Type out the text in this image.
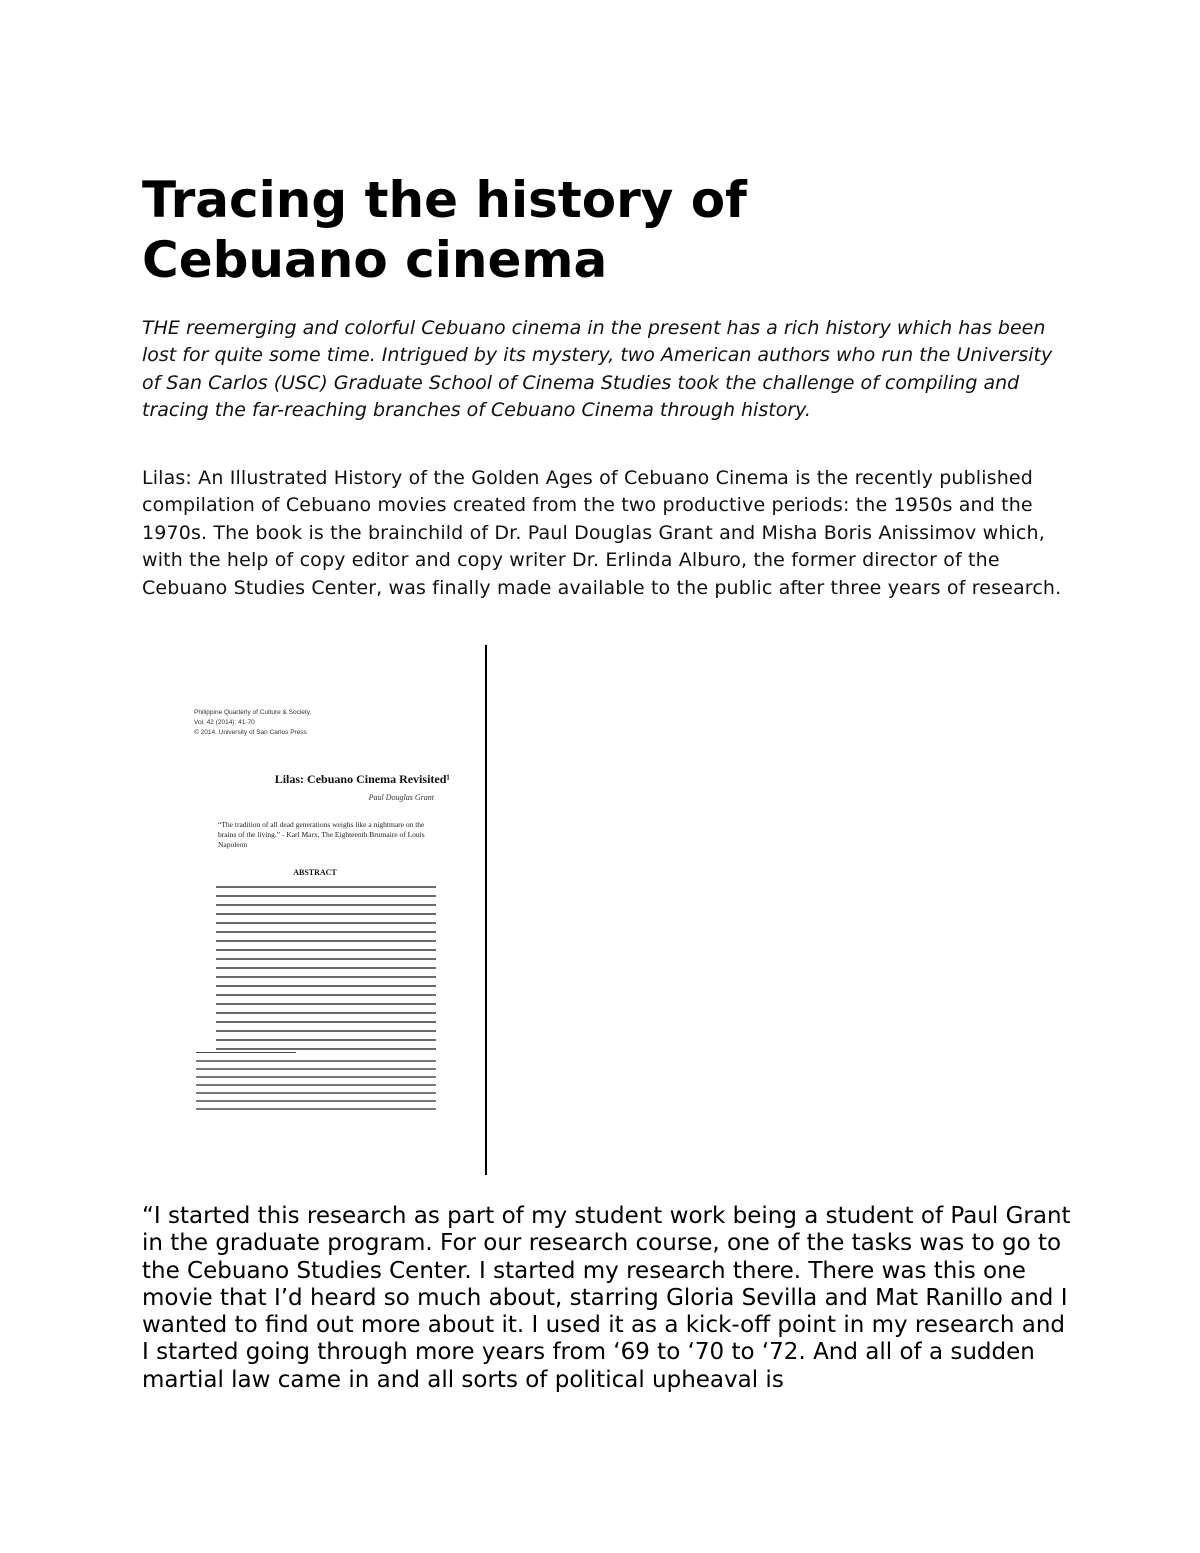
Tracing the history of
Cebuano cinema

THE reemerging and colorful Cebuano cinema in the present has a rich history which has been lost for quite some time. Intrigued by its mystery, two American authors who run the University of San Carlos (USC) Graduate School of Cinema Studies took the challenge of compiling and tracing the far-reaching branches of Cebuano Cinema through history.

Lilas: An Illustrated History of the Golden Ages of Cebuano Cinema is the recently published compilation of Cebuano movies created from the two productive periods: the 1950s and the 1970s. The book is the brainchild of Dr. Paul Douglas Grant and Misha Boris Anissimov which, with the help of copy editor and copy writer Dr. Erlinda Alburo, the former director of the Cebuano Studies Center, was finally made available to the public after three years of research.

Philippine Quarterly of Culture & Society,
Vol. 42 (2014): 41-70
© 2014. University of San Carlos Press
Lilas: Cebuano Cinema Revisited¹
Paul Douglas Grant
“The tradition of all dead generations weighs like a nightmare on the brains of the living.” - Karl Marx, The Eighteenth Brumaire of Louis Napoleon
ABSTRACT

“I started this research as part of my student work being a student of Paul Grant in the graduate program. For our research course, one of the tasks was to go to the Cebuano Studies Center. I started my research there. There was this one movie that I’d heard so much about, starring Gloria Sevilla and Mat Ranillo and I wanted to find out more about it. I used it as a kick-off point in my research and I started going through more years from ‘69 to ‘70 to ‘72. And all of a sudden martial law came in and all sorts of political upheaval is
